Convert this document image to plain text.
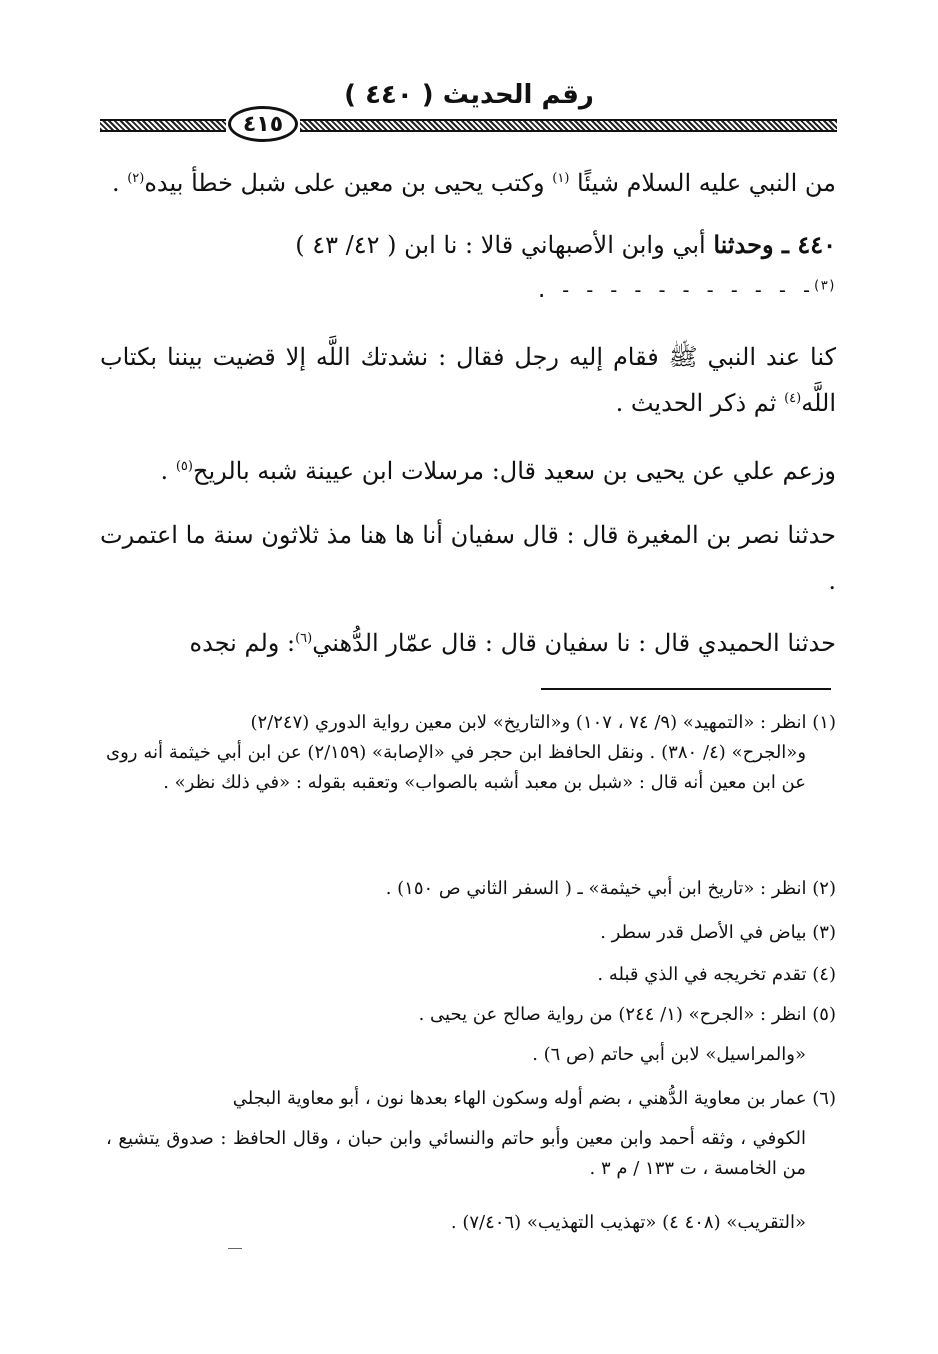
رقم الحديث ( ٤٤٠ )
٤١٥

من النبي عليه السلام شيئًا $^{(١)}$ وكتب يحيى بن معين على شبل خطأ بيده$^{(٢)}$ .

٤٤٠ ـ وحدثنا أبي وابن الأصبهاني قالا : نا ابن ( ٤٢/ ٤٣ )

$^{(٣)}$- - - - - - - - - - - .

كنا عند النبي ﷺ فقام إليه رجل فقال : نشدتك اللَّه إلا قضيت بيننا بكتاب اللَّه$^{(٤)}$ ثم ذكر الحديث .

وزعم علي عن يحيى بن سعيد قال: مرسلات ابن عيينة شبه بالريح$^{(٥)}$ .

حدثنا نصر بن المغيرة قال : قال سفيان أنا ها هنا مذ ثلاثون سنة ما اعتمرت .

حدثنا الحميدي قال : نا سفيان قال : قال عمّار الدُّهني$^{(٦)}$: ولم نجده

(١) انظر : «التمهيد» (٩/ ٧٤ ، ١٠٧) و«التاريخ» لابن معين رواية الدوري (٢/٢٤٧)

و«الجرح» (٤/ ٣٨٠) . ونقل الحافظ ابن حجر في «الإصابة» (٢/١٥٩) عن ابن أبي خيثمة أنه روى عن ابن معين أنه قال : «شبل بن معبد أشبه بالصواب» وتعقبه بقوله : «في ذلك نظر» .

(٢) انظر : «تاريخ ابن أبي خيثمة» ـ ( السفر الثاني ص ١٥٠) .

(٣) بياض في الأصل قدر سطر .

(٤) تقدم تخريجه في الذي قبله .

(٥) انظر : «الجرح» (١/ ٢٤٤) من رواية صالح عن يحيى .

«والمراسيل» لابن أبي حاتم (ص ٦) .

(٦) عمار بن معاوية الدُّهني ، بضم أوله وسكون الهاء بعدها نون ، أبو معاوية البجلي

الكوفي ، وثقه أحمد وابن معين وأبو حاتم والنسائي وابن حبان ، وقال الحافظ : صدوق يتشيع ، من الخامسة ، ت ١٣٣ / م ٣ .

«التقريب» (٤٠٨ ٤) «تهذيب التهذيب» (٧/٤٠٦) .
